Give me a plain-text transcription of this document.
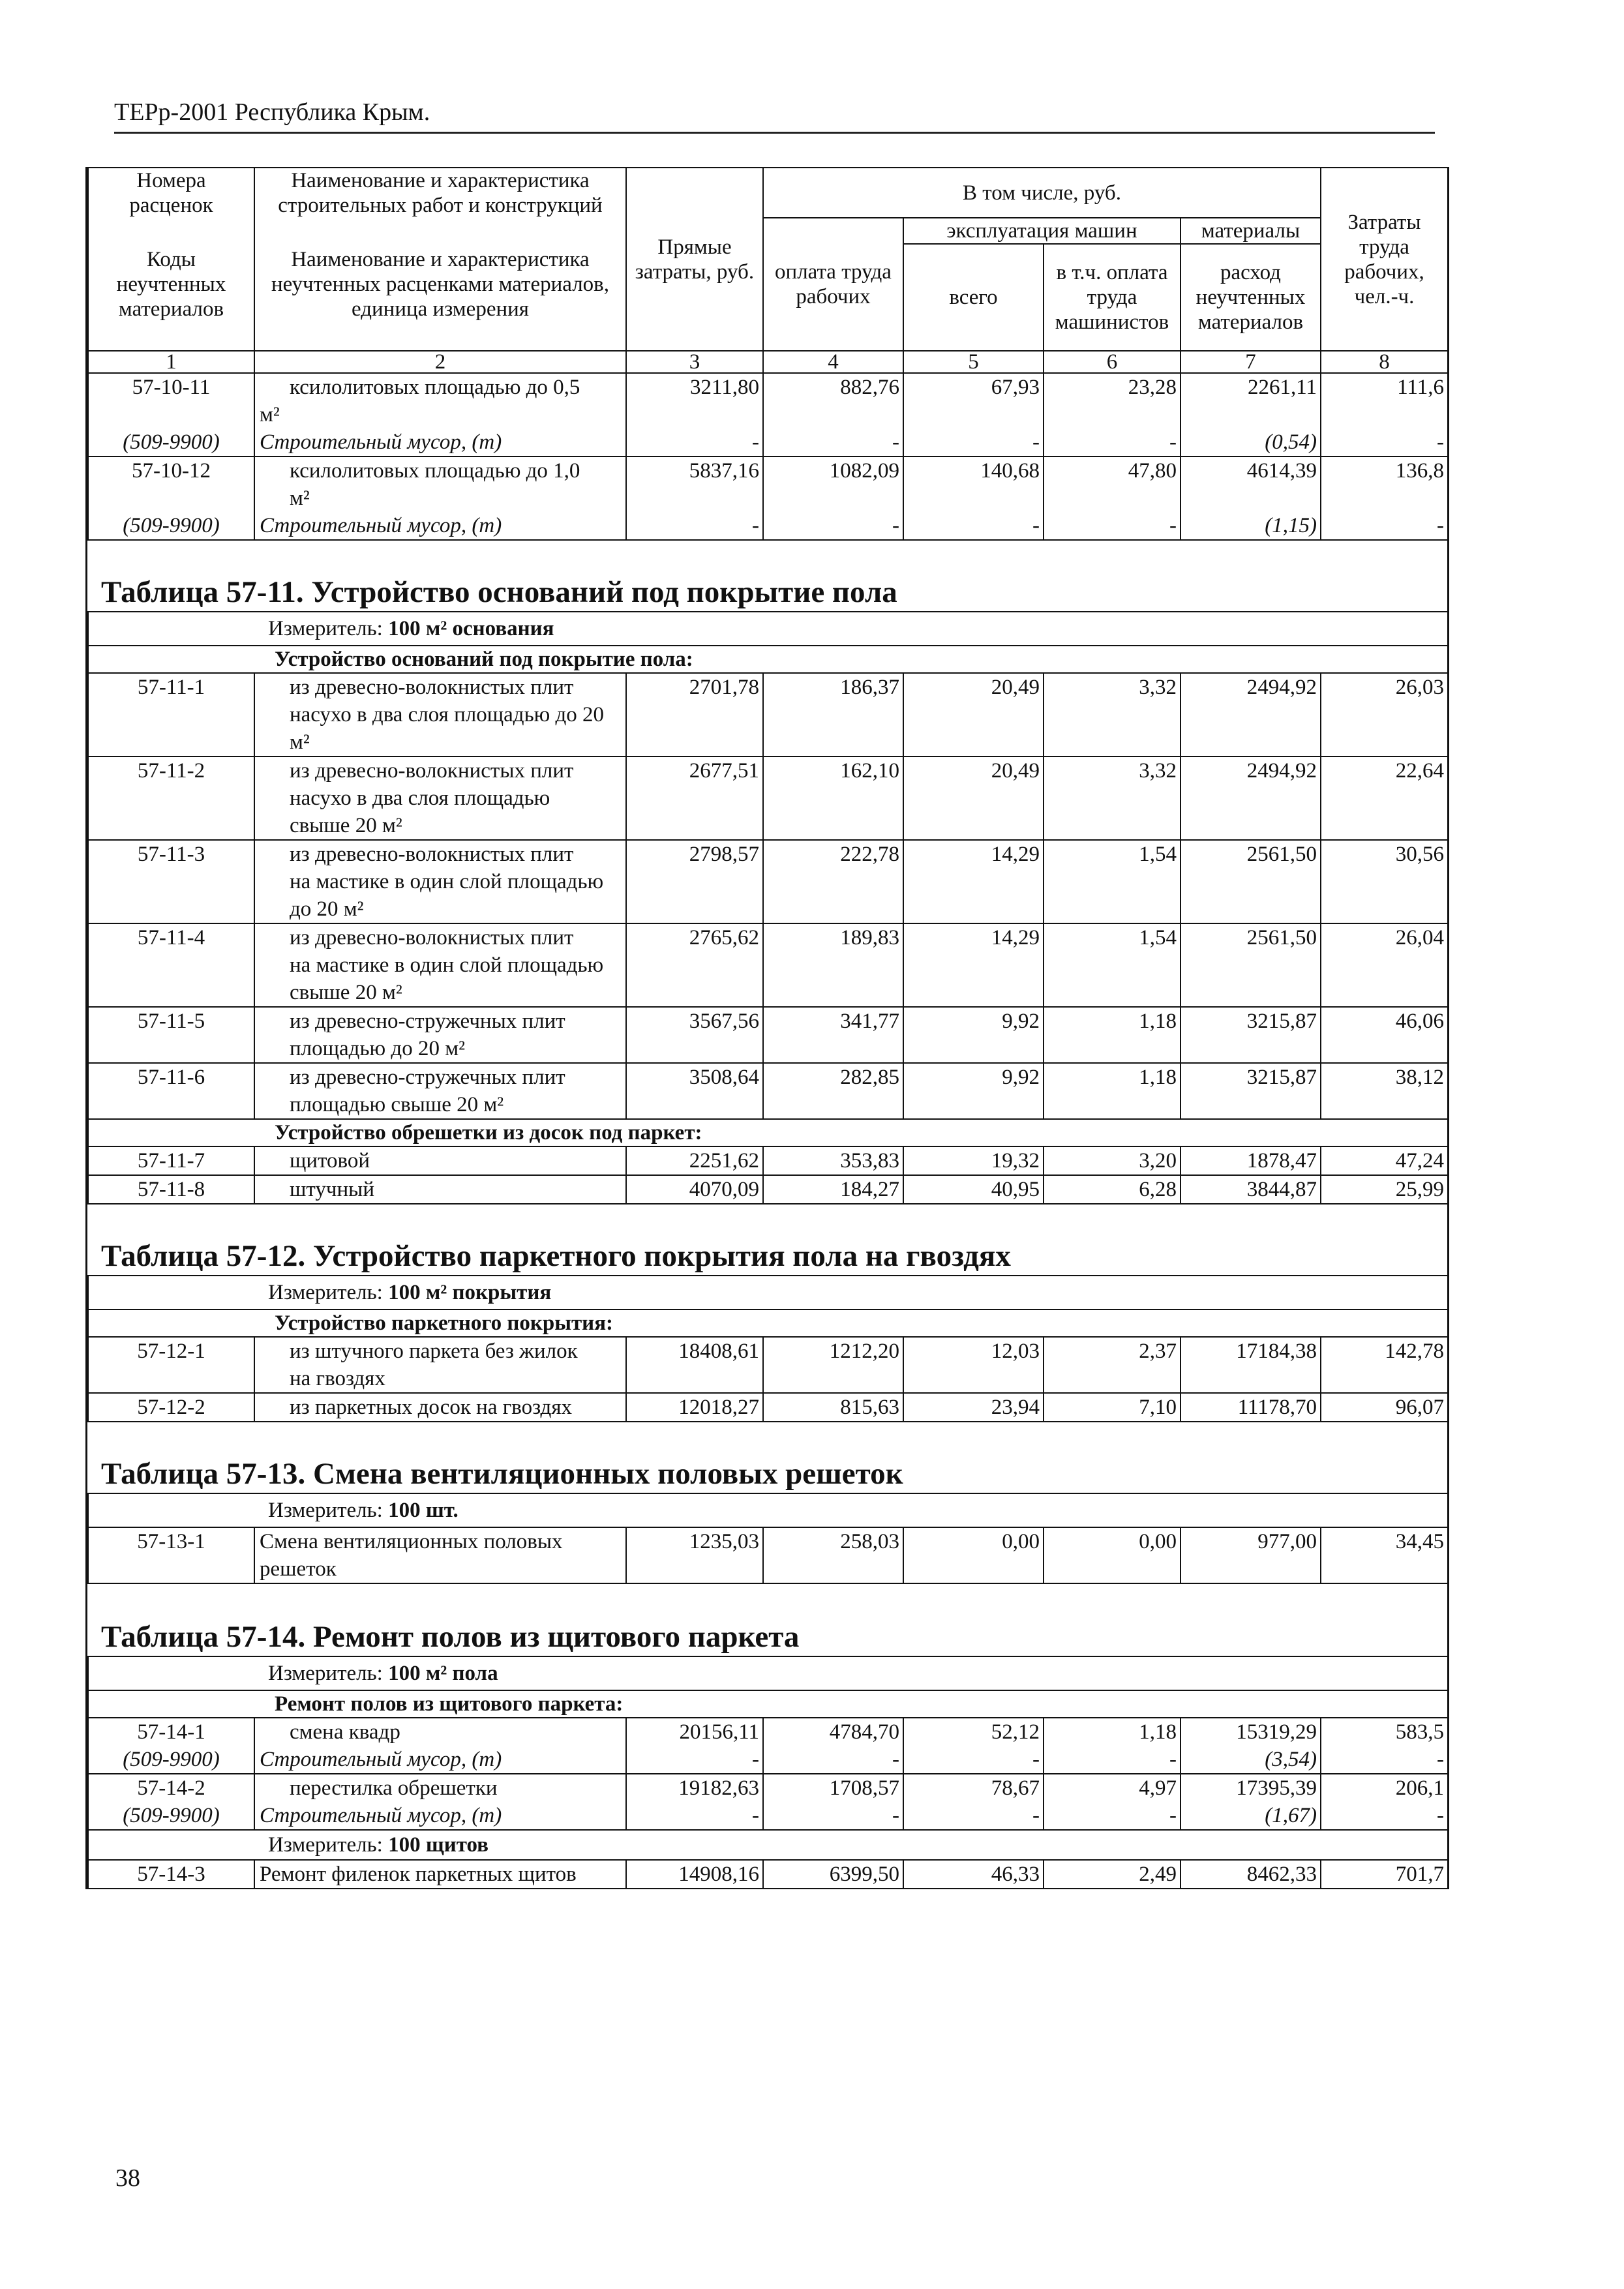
ТЕРр-2001 Республика Крым.
Номера расценок	Наименование и характеристика строительных работ и конструкций	Прямые затраты, руб.	В том числе, руб.				Затраты труда рабочих, чел.-ч.
Коды неучтенных материалов	Наименование и характеристика неучтенных расценками материалов, единица измерения		оплата труда рабочих	эксплуатация машин		материалы	
				всего	в т.ч. оплата труда машинистов	расход неучтенных материалов	
1	2	3	4	5	6	7	8
57-10-11	ксилолитовых площадью до 0,5
м²	3211,80	882,76	67,93	23,28	2261,11	111,6
(509-9900)	Строительный мусор, (т)	-	-	-	-	(0,54)	-
57-10-12	ксилолитовых площадью до 1,0
м²	5837,16	1082,09	140,68	47,80	4614,39	136,8
(509-9900)	Строительный мусор, (т)	-	-	-	-	(1,15)	-

Таблица 57-11. Устройство оснований под покрытие пола							

Измеритель: 100 м² основания							
Устройство оснований под покрытие пола:							
57-11-1	из древесно-волокнистых плит
насухо в два слоя площадью до 20
м²	2701,78	186,37	20,49	3,32	2494,92	26,03
57-11-2	из древесно-волокнистых плит
насухо в два слоя площадью
свыше 20 м²	2677,51	162,10	20,49	3,32	2494,92	22,64
57-11-3	из древесно-волокнистых плит
на мастике в один слой площадью
до 20 м²	2798,57	222,78	14,29	1,54	2561,50	30,56
57-11-4	из древесно-волокнистых плит
на мастике в один слой площадью
свыше 20 м²	2765,62	189,83	14,29	1,54	2561,50	26,04
57-11-5	из древесно-стружечных плит
площадью до 20 м²	3567,56	341,77	9,92	1,18	3215,87	46,06
57-11-6	из древесно-стружечных плит
площадью свыше 20 м²	3508,64	282,85	9,92	1,18	3215,87	38,12
Устройство обрешетки из досок под паркет:							
57-11-7	щитовой	2251,62	353,83	19,32	3,20	1878,47	47,24
57-11-8	штучный	4070,09	184,27	40,95	6,28	3844,87	25,99

Таблица 57-12. Устройство паркетного покрытия пола на гвоздях							

Измеритель: 100 м² покрытия							
Устройство паркетного покрытия:							
57-12-1	из штучного паркета без жилок
на гвоздях	18408,61	1212,20	12,03	2,37	17184,38	142,78
57-12-2	из паркетных досок на гвоздях	12018,27	815,63	23,94	7,10	11178,70	96,07

Таблица 57-13. Смена вентиляционных половых решеток							

Измеритель: 100 шт.							
57-13-1	Смена вентиляционных половых
решеток	1235,03	258,03	0,00	0,00	977,00	34,45

Таблица 57-14. Ремонт полов из щитового паркета							

Измеритель: 100 м² пола							
Ремонт полов из щитового паркета:							
57-14-1	смена квадр	20156,11	4784,70	52,12	1,18	15319,29	583,5
(509-9900)	Строительный мусор, (т)	-	-	-	-	(3,54)	-
57-14-2	перестилка обрешетки	19182,63	1708,57	78,67	4,97	17395,39	206,1
(509-9900)	Строительный мусор, (т)	-	-	-	-	(1,67)	-
Измеритель: 100 щитов							
57-14-3	Ремонт филенок паркетных щитов	14908,16	6399,50	46,33	2,49	8462,33	701,7
38
